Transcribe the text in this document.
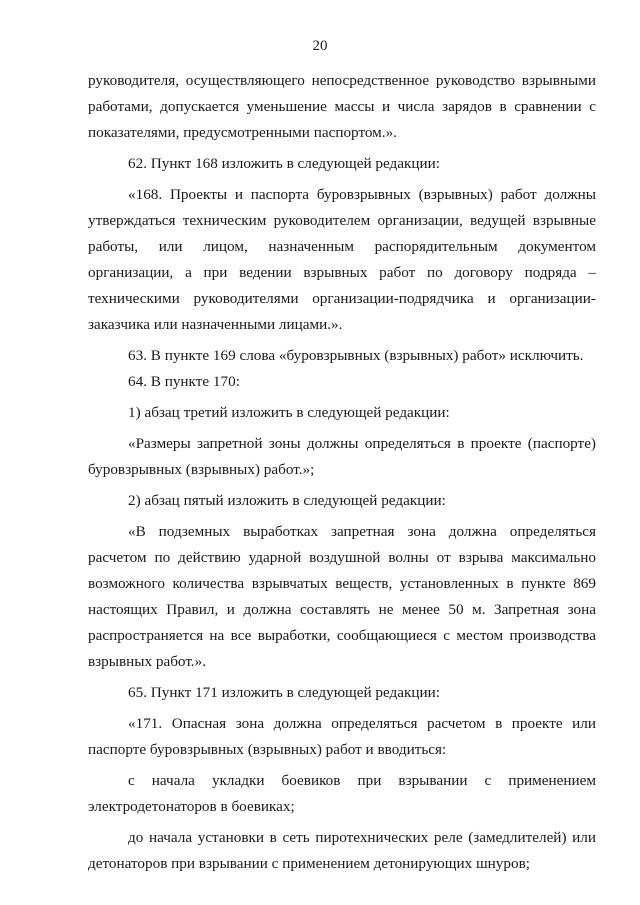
20

руководителя, осуществляющего непосредственное руководство взрывными работами, допускается уменьшение массы и числа зарядов в сравнении с показателями, предусмотренными паспортом.».

62. Пункт 168 изложить в следующей редакции:

«168. Проекты и паспорта буровзрывных (взрывных) работ должны утверждаться техническим руководителем организации, ведущей взрывные работы, или лицом, назначенным распорядительным документом организации, а при ведении взрывных работ по договору подряда – техническими руководителями организации-подрядчика и организации-заказчика или назначенными лицами.».

63. В пункте 169 слова «буровзрывных (взрывных) работ» исключить.

64. В пункте 170:

1) абзац третий изложить в следующей редакции:

«Размеры запретной зоны должны определяться в проекте (паспорте) буровзрывных (взрывных) работ.»;

2) абзац пятый изложить в следующей редакции:

«В подземных выработках запретная зона должна определяться расчетом по действию ударной воздушной волны от взрыва максимально возможного количества взрывчатых веществ, установленных в пункте 869 настоящих Правил, и должна составлять не менее 50 м. Запретная зона распространяется на все выработки, сообщающиеся с местом производства взрывных работ.».

65. Пункт 171 изложить в следующей редакции:

«171. Опасная зона должна определяться расчетом в проекте или паспорте буровзрывных (взрывных) работ и вводиться:

с начала укладки боевиков при взрывании с применением электродетонаторов в боевиках;

до начала установки в сеть пиротехнических реле (замедлителей) или детонаторов при взрывании с применением детонирующих шнуров;
